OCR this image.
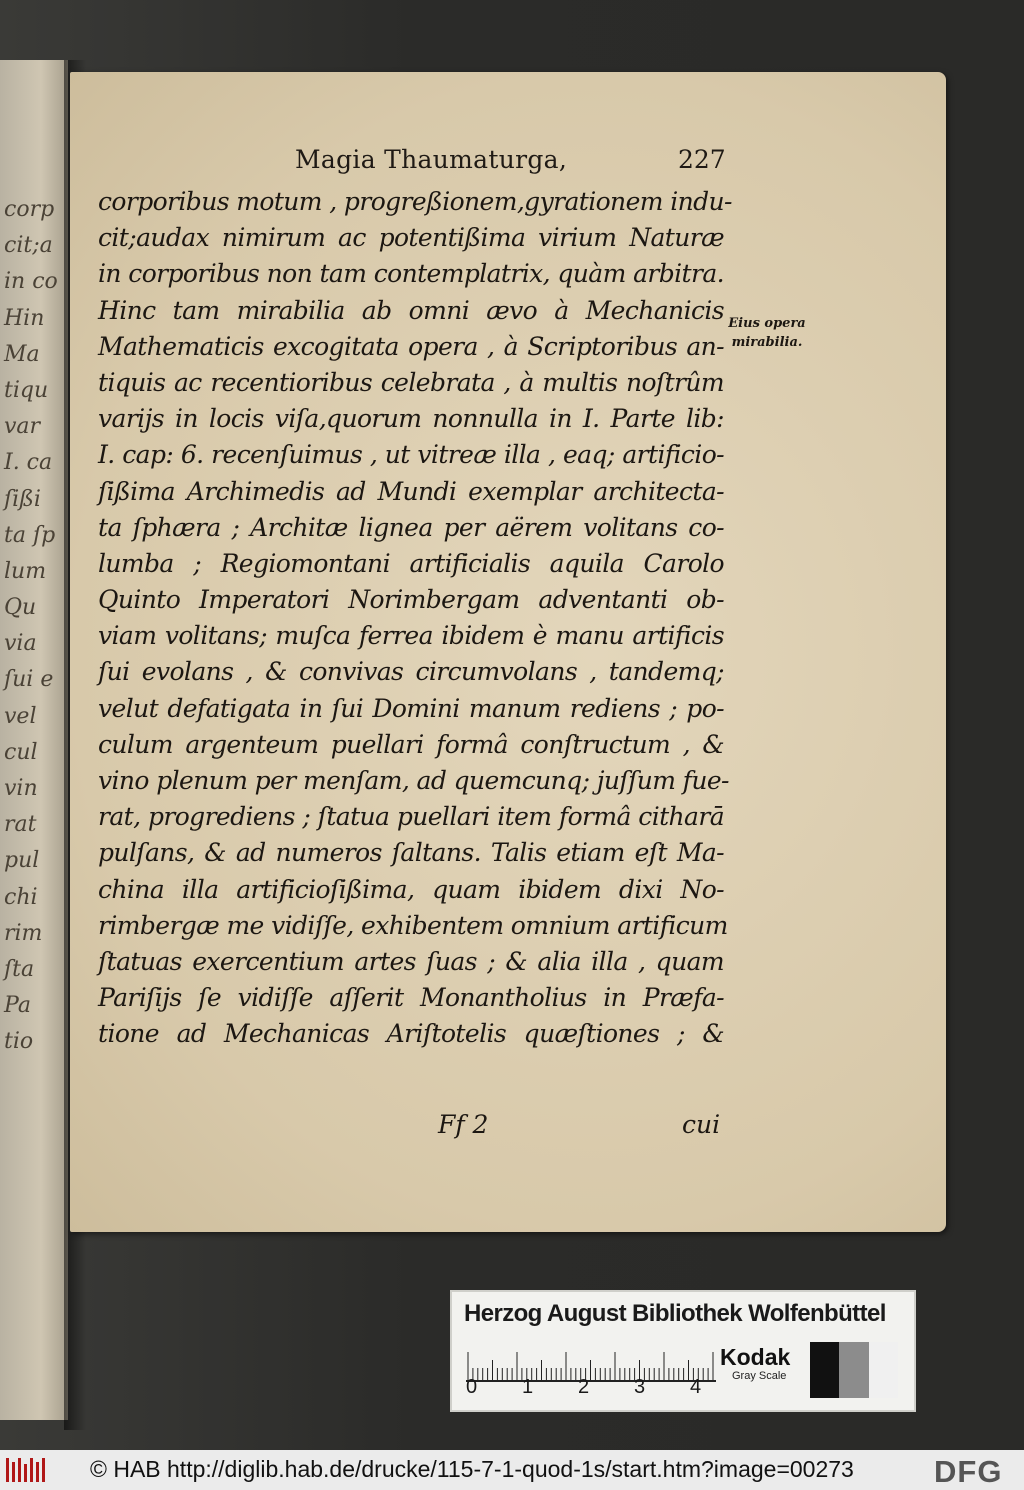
corp
cit;a
in co
Hin
Ma
tiqu
var
I. ca
ſißi
ta ſp
lum
Qu
via
ſui e
vel
cul
vin
rat
pul
chi
rim
ſta
Pa
tio
Magia Thaumaturga,	227
corporibus motum , progreßionem,gyrationem indu-
cit;audax nimirum ac potentißima virium Naturæ
in corporibus non tam contemplatrix, quàm arbitra.
Hinc tam mirabilia ab omni ævo à Mechanicis
Mathematicis excogitata opera , à Scriptoribus an-
tiquis ac recentioribus celebrata , à multis noſtrûm
varijs in locis viſa,quorum nonnulla in I. Parte lib:
I. cap: 6. recenſuimus , ut vitreæ illa , eaq; artificio-
ſißima Archimedis ad Mundi exemplar architecta-
ta ſphæra ; Architæ lignea per aërem volitans co-
lumba ; Regiomontani artificialis aquila Carolo
Quinto Imperatori Norimbergam adventanti ob-
viam volitans; muſca ferrea ibidem è manu artificis
ſui evolans , & convivas circumvolans , tandemq;
velut defatigata in ſui Domini manum rediens ; po-
culum argenteum puellari formâ conſtructum , &
vino plenum per menſam, ad quemcunq; juſſum fue-
rat, progrediens ; ſtatua puellari item formâ citharā
pulſans, & ad numeros ſaltans. Talis etiam eſt Ma-
china illa artificioſißima, quam ibidem dixi No-
rimbergæ me vidiſſe, exhibentem omnium artificum
ſtatuas exercentium artes ſuas ; & alia illa , quam
Pariſijs ſe vidiſſe aſſerit Monantholius in Præfa-
tione ad Mechanicas Ariſtotelis quæſtiones ; &
Eius opera mirabilia.
Ff 2	cui
Herzog August Bibliothek Wolfenbüttel
0 1 2 3 4
Kodak
Gray Scale
© HAB http://diglib.hab.de/drucke/115-7-1-quod-1s/start.htm?image=00273	DFG
